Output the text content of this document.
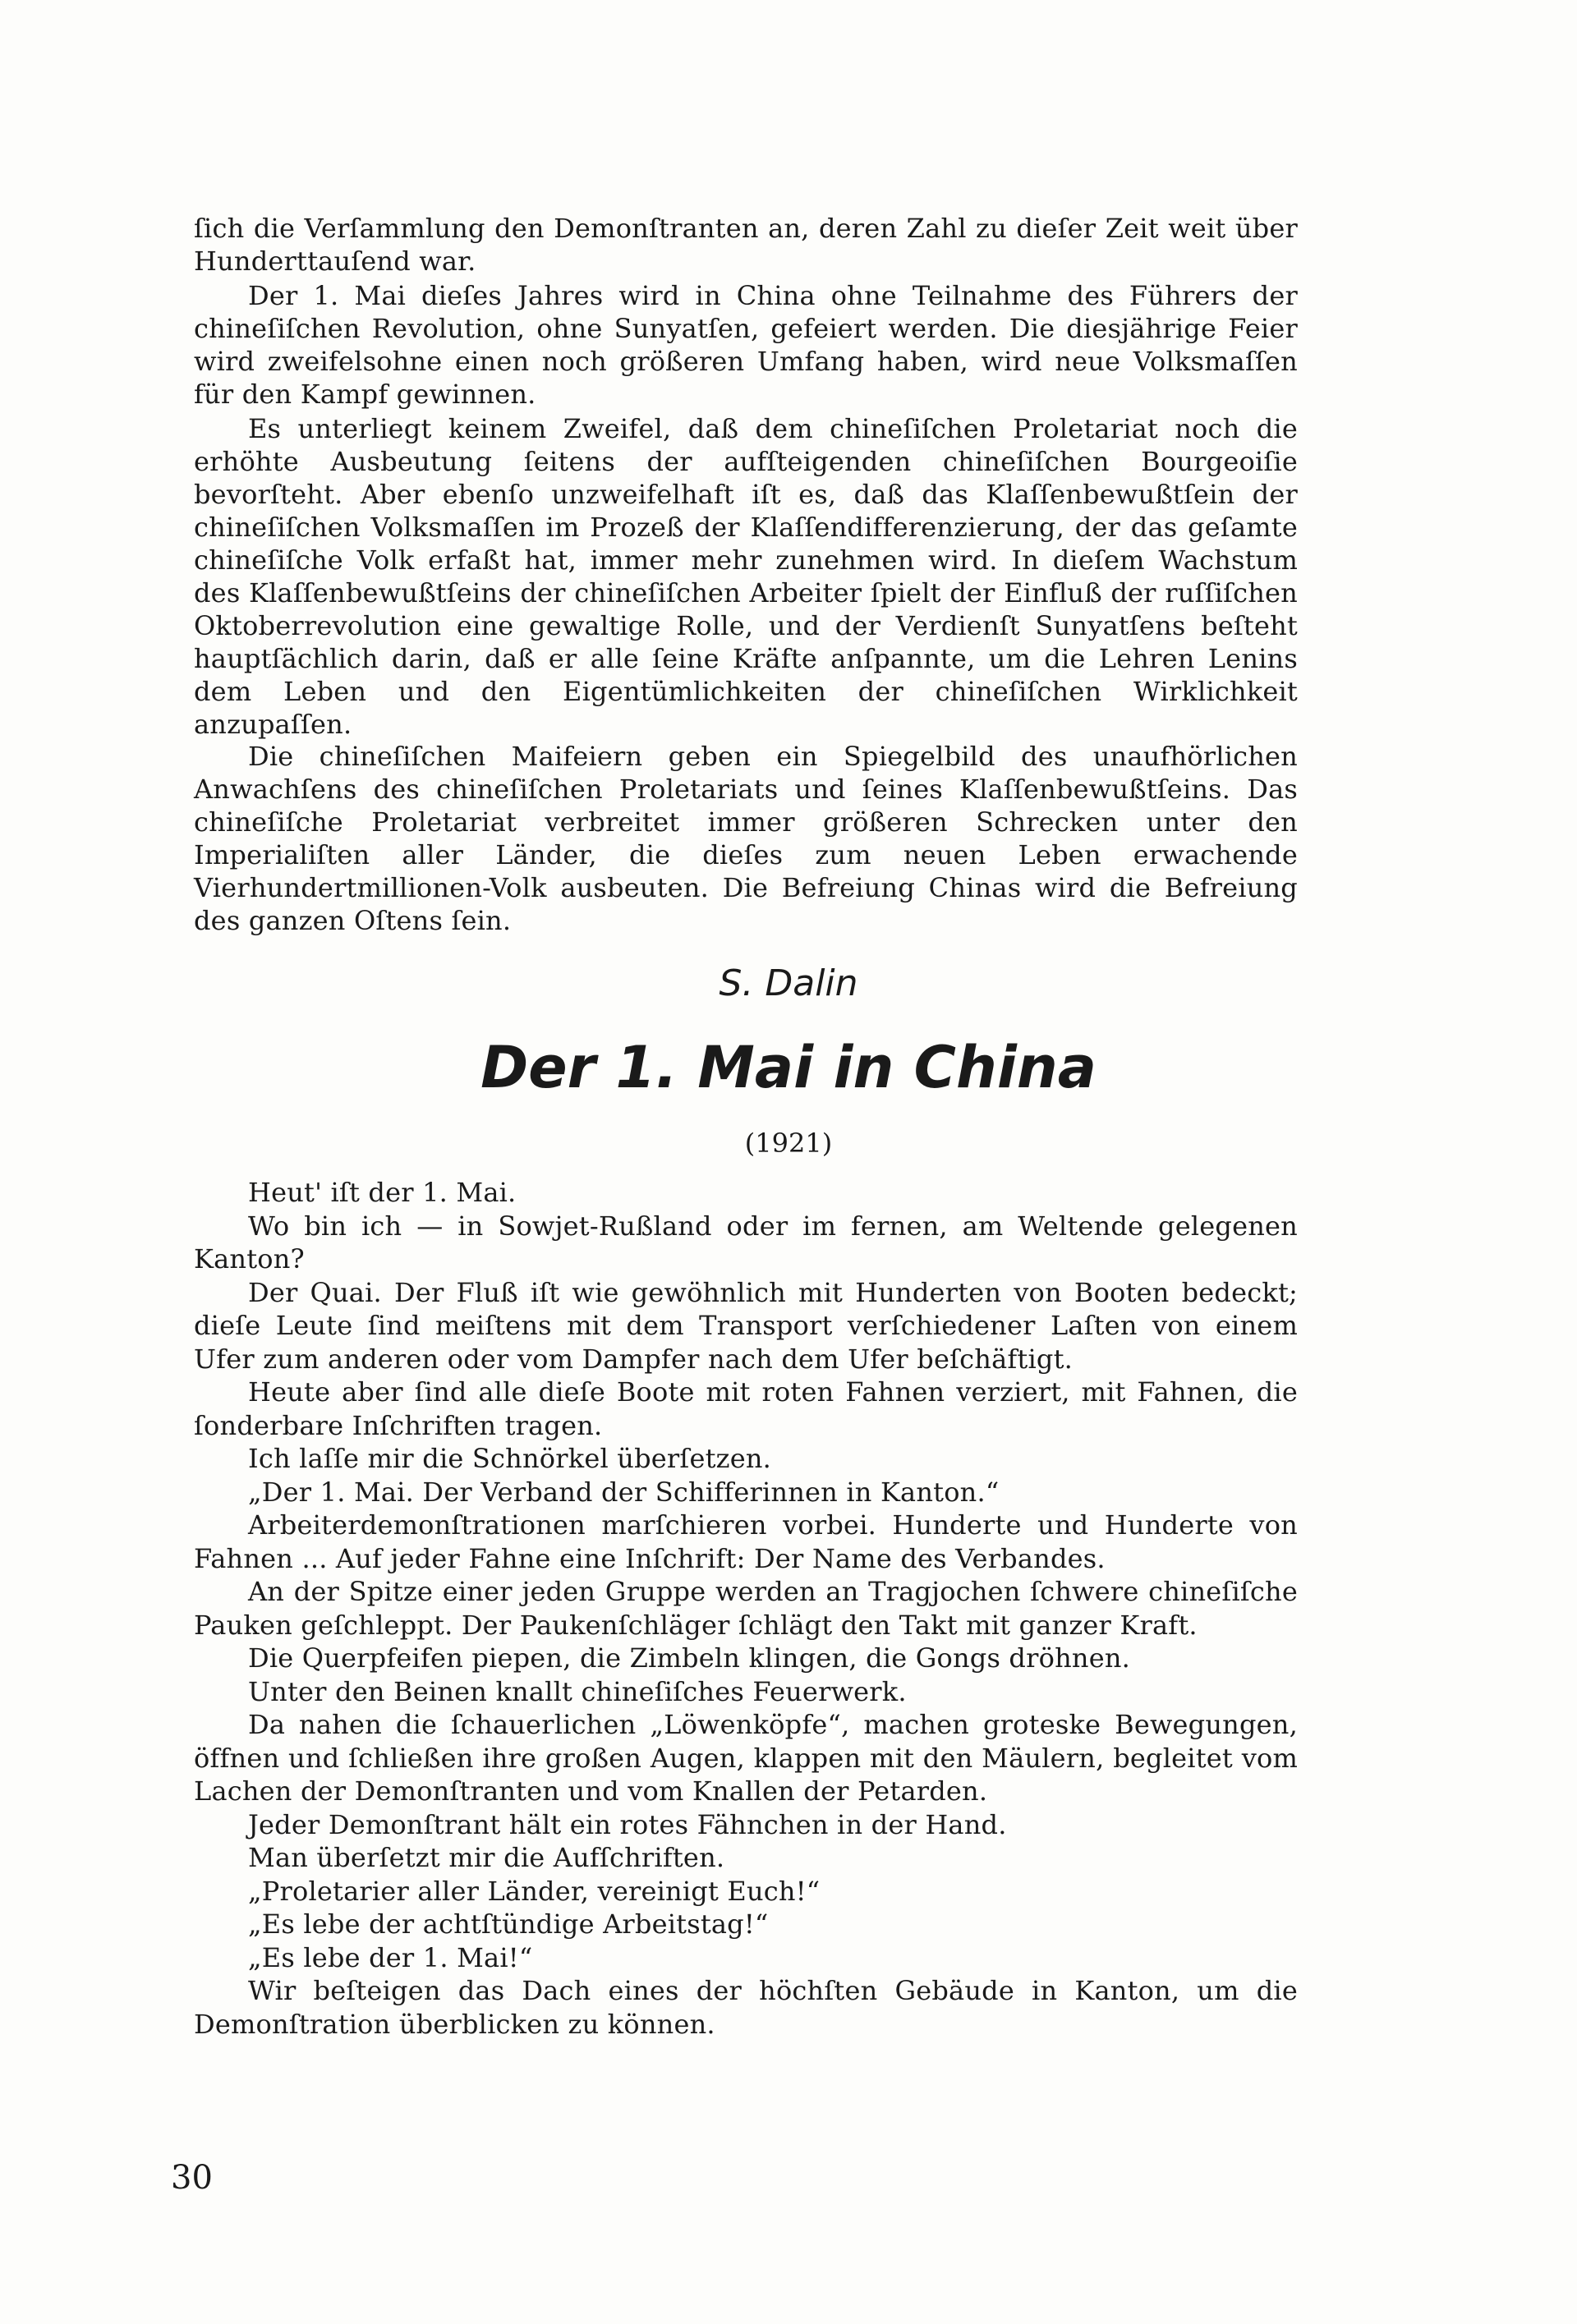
ſich die Verſammlung den Demonſtranten an, deren Zahl zu dieſer Zeit weit über Hunderttauſend war.

Der 1. Mai dieſes Jahres wird in China ohne Teilnahme des Führers der chineſiſchen Revolution, ohne Sunyatſen, gefeiert werden. Die diesjährige Feier wird zweifelsohne einen noch größeren Umfang haben, wird neue Volksmaſſen für den Kampf gewinnen.

Es unterliegt keinem Zweifel, daß dem chineſiſchen Proletariat noch die erhöhte Ausbeutung ſeitens der aufſteigenden chineſiſchen Bourgeoiſie bevorſteht. Aber ebenſo unzweifelhaft iſt es, daß das Klaſſenbewußtſein der chineſiſchen Volksmaſſen im Prozeß der Klaſſendifferenzierung, der das geſamte chineſiſche Volk erfaßt hat, immer mehr zunehmen wird. In dieſem Wachstum des Klaſſenbewußtſeins der chineſiſchen Arbeiter ſpielt der Einfluß der ruſſiſchen Oktoberrevolution eine gewaltige Rolle, und der Verdienſt Sunyatſens beſteht hauptſächlich darin, daß er alle ſeine Kräfte anſpannte, um die Lehren Lenins dem Leben und den Eigentümlichkeiten der chineſiſchen Wirklichkeit anzupaſſen.

Die chineſiſchen Maifeiern geben ein Spiegelbild des unaufhörlichen Anwachſens des chineſiſchen Proletariats und ſeines Klaſſenbewußtſeins. Das chineſiſche Proletariat verbreitet immer größeren Schrecken unter den Imperialiſten aller Länder, die dieſes zum neuen Leben erwachende Vierhundertmillionen-Volk ausbeuten. Die Befreiung Chinas wird die Befreiung des ganzen Oſtens ſein.

S. Dalin
Der 1. Mai in China
(1921)

Heut' iſt der 1. Mai.

Wo bin ich — in Sowjet-Rußland oder im fernen, am Weltende gelegenen Kanton?

Der Quai. Der Fluß iſt wie gewöhnlich mit Hunderten von Booten bedeckt; dieſe Leute ſind meiſtens mit dem Transport verſchiedener Laſten von einem Ufer zum anderen oder vom Dampfer nach dem Ufer beſchäftigt.

Heute aber ſind alle dieſe Boote mit roten Fahnen verziert, mit Fahnen, die ſonderbare Inſchriften tragen.

Ich laſſe mir die Schnörkel überſetzen.

„Der 1. Mai. Der Verband der Schifferinnen in Kanton.“

Arbeiterdemonſtrationen marſchieren vorbei. Hunderte und Hunderte von Fahnen ... Auf jeder Fahne eine Inſchrift: Der Name des Verbandes.

An der Spitze einer jeden Gruppe werden an Tragjochen ſchwere chineſiſche Pauken geſchleppt. Der Paukenſchläger ſchlägt den Takt mit ganzer Kraft.

Die Querpfeifen piepen, die Zimbeln klingen, die Gongs dröhnen.

Unter den Beinen knallt chineſiſches Feuerwerk.

Da nahen die ſchauerlichen „Löwenköpfe“, machen groteske Bewegungen, öffnen und ſchließen ihre großen Augen, klappen mit den Mäulern, begleitet vom Lachen der Demonſtranten und vom Knallen der Petarden.

Jeder Demonſtrant hält ein rotes Fähnchen in der Hand.

Man überſetzt mir die Aufſchriften.

„Proletarier aller Länder, vereinigt Euch!“

„Es lebe der achtſtündige Arbeitstag!“

„Es lebe der 1. Mai!“

Wir beſteigen das Dach eines der höchſten Gebäude in Kanton, um die Demonſtration überblicken zu können.

30
